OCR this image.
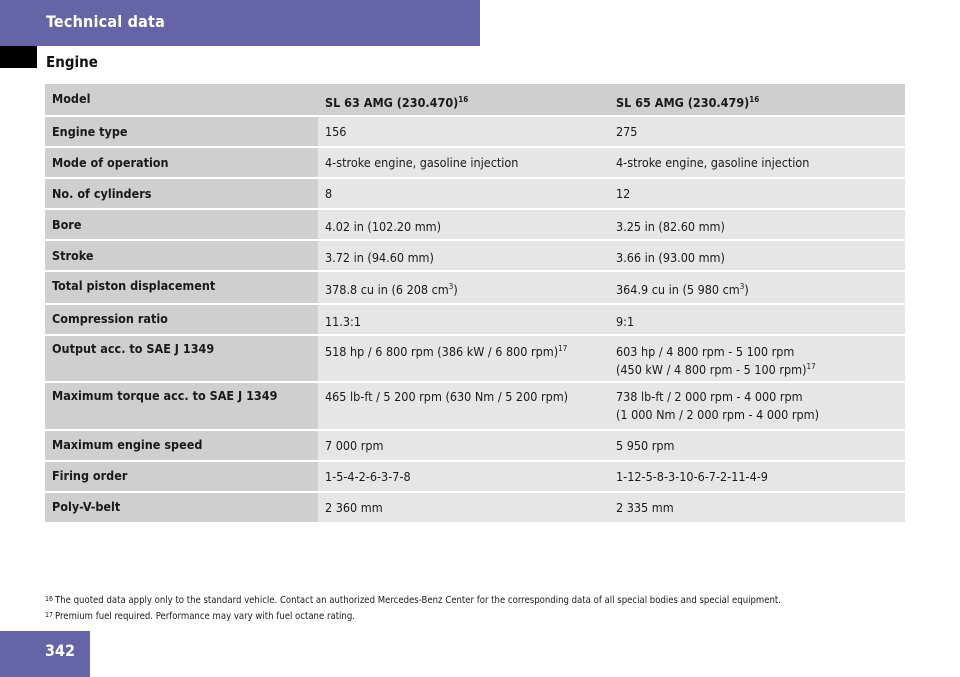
Technical data
Engine
Model	SL 63 AMG $(230.470)^{16}$	SL 65 AMG $(230.479)^{16}$
Engine type	156	275
Mode of operation	4-stroke engine, gasoline injection	4-stroke engine, gasoline injection
No. of cylinders	8	12
Bore	4.02 in (102.20 mm)	3.25 in (82.60 mm)
Stroke	3.72 in (94.60 mm)	3.66 in (93.00 mm)
Total piston displacement	378.8 cu in (6 208 $cm^3$)	364.9 cu in (5 980 $cm^3$)
Compression ratio	11.3:1	9:1
Output acc. to SAE J 1349	518 hp / 6 800 rpm (386 kW / 6 800 rpm)$^{17}$	603 hp / 4 800 rpm - 5 100 rpm
(450 kW / 4 800 rpm - 5 100 rpm)$^{17}$
Maximum torque acc. to SAE J 1349	465 lb-ft / 5 200 rpm (630 Nm / 5 200 rpm)	738 lb-ft / 2 000 rpm - 4 000 rpm
(1 000 Nm / 2 000 rpm - 4 000 rpm)
Maximum engine speed	7 000 rpm	5 950 rpm
Firing order	1-5-4-2-6-3-7-8	1-12-5-8-3-10-6-7-2-11-4-9
Poly-V-belt	2 360 mm	2 335 mm
$^{16}$ The quoted data apply only to the standard vehicle. Contact an authorized Mercedes-Benz Center for the corresponding data of all special bodies and special equipment.
$^{17}$ Premium fuel required. Performance may vary with fuel octane rating.
342
